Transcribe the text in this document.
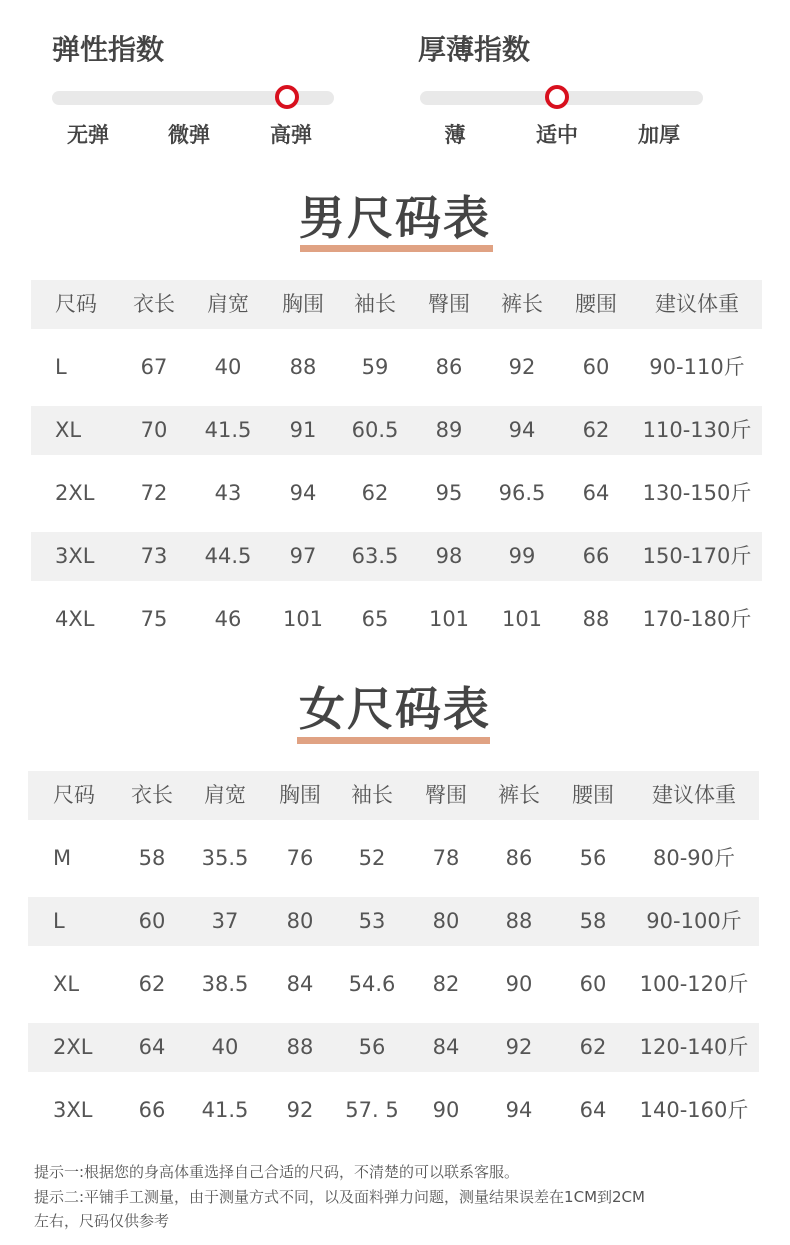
弹性指数
无弹	微弹	高弹
厚薄指数
薄	适中	加厚
男尺码表
尺码 衣长 肩宽 胸围 袖长 臀围 裤长 腰围 建议体重
L	67 40 88 59 86 92 60 90-110斤
XL	70 41.5 91 60.5 89 94 62 110-130斤
2XL 72 43 94 62 95 96.5 64 130-150斤
3XL 73 44.5 97 63.5 98 99 66 150-170斤
4XL 75 46 101 65 101 101 88 170-180斤
女尺码表
尺码 衣长 肩宽 胸围 袖长 臀围 裤长 腰围 建议体重
M	58 35.5 76 52 78 86 56 80-90斤
L	60 37 80 53 80 88 58 90-100斤
XL	62 38.5 84 54.6 82 90 60 100-120斤
2XL 64 40 88 56 84 92 62 120-140斤
3XL 66 41.5 92 57. 5 90 94 64 140-160斤
提示一:根据您的身高体重选择自己合适的尺码，不清楚的可以联系客服。
提示二:平铺手工测量，由于测量方式不同，以及面料弹力问题，测量结果误差在1CM到2CM
左右，尺码仅供参考
